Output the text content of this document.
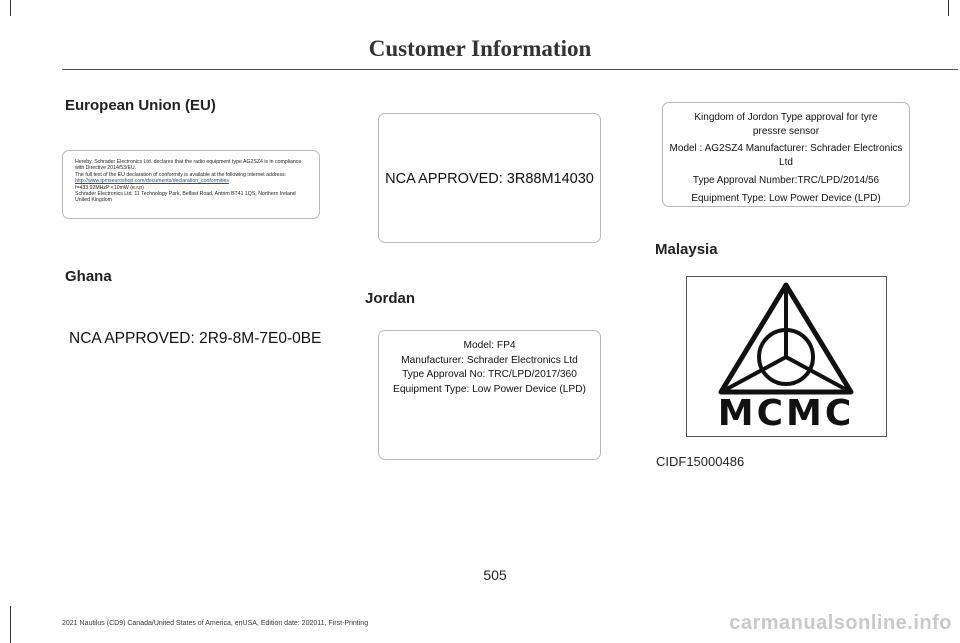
Customer Information
European Union (EU)
Hereby, Schrader Electronics Ltd. declares that the radio equipment type AG2SZ4 is in compliance
with Directive 2014/53/EU.
The full text of the EU declaration of conformity is available at the following internet address:
http://www.tpmseuroshop.com/documents/declaration_conformities
f=433.92MHzP <10mW (e.r.p)
Schrader Electronics Ltd. 11 Technology Park, Belfast Road, Antrim BT41 1QS, Northern Ireland
United Kingdom
Ghana
NCA APPROVED: 2R9-8M-7E0-0BE
NCA APPROVED: 3R88M14030
Jordan
Model: FP4
Manufacturer: Schrader Electronics Ltd
Type Approval No: TRC/LPD/2017/360
Equipment Type: Low Power Device (LPD)
Kingdom of Jordon Type approval for tyre
pressre sensor
Model : AG2SZ4 Manufacturer: Schrader Electronics Ltd
Type Approval Number:TRC/LPD/2014/56
Equipment Type: Low Power Device (LPD)
Malaysia
MCMC
CIDF15000486
505
2021 Nautilus (CD9) Canada/United States of America, enUSA, Edition date: 202011, First-Printing	carmanualsonline.info
